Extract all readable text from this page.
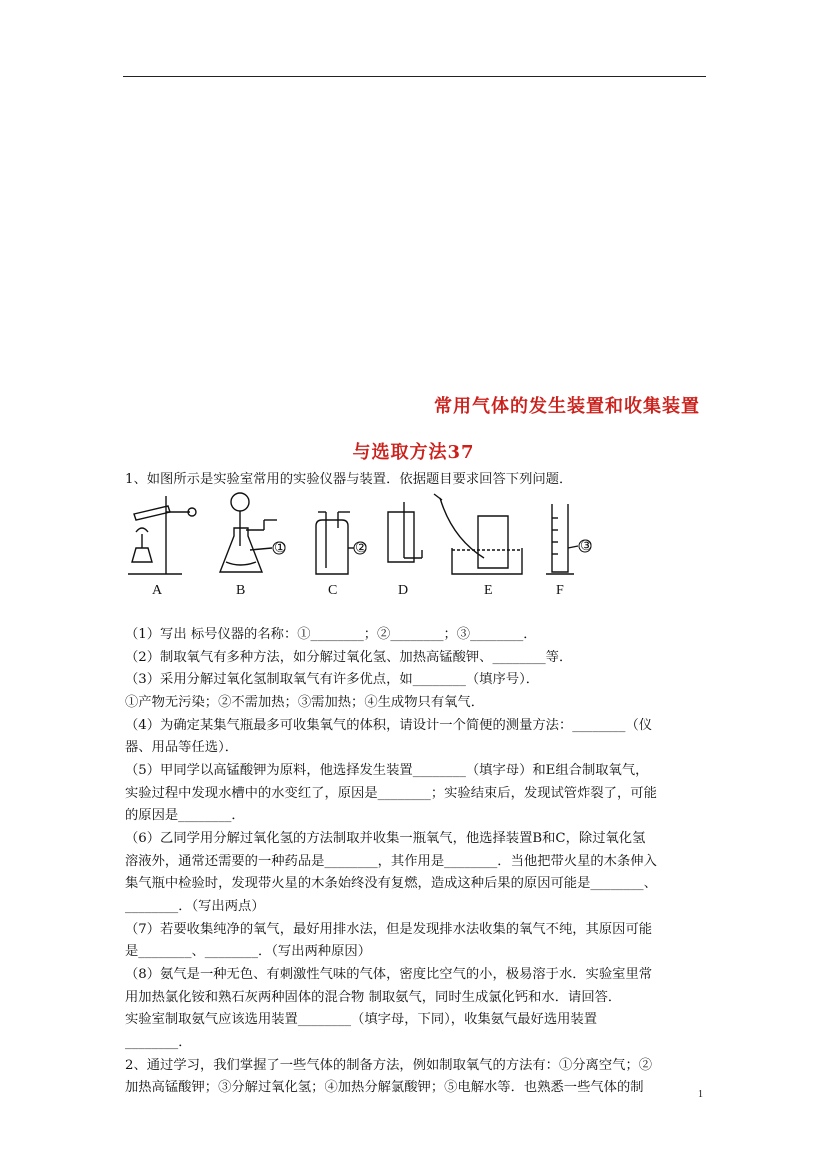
常用气体的发生装置和收集装置
与选取方法37
1、如图所示是实验室常用的实验仪器与装置．依据题目要求回答下列问题．
①	②	③
A	B	C	D	E	F
（1）写出 标号仪器的名称：①________；②________；③________．
（2）制取氧气有多种方法，如分解过氧化氢、加热高锰酸钾、________等．
（3）采用分解过氧化氢制取氧气有许多优点，如________（填序号）．
①产物无污染；②不需加热；③需加热；④生成物只有氧气．
（4）为确定某集气瓶最多可收集氧气的体积，请设计一个简便的测量方法：________（仪
器、用品等任选）．
（5）甲同学以高锰酸钾为原料，他选择发生装置________（填字母）和E组合制取氧气，
实验过程中发现水槽中的水变红了，原因是________；实验结束后，发现试管炸裂了，可能
的原因是________．
（6）乙同学用分解过氧化氢的方法制取并收集一瓶氧气，他选择装置B和C，除过氧化氢
溶液外，通常还需要的一种药品是________，其作用是________．当他把带火星的木条伸入
集气瓶中检验时，发现带火星的木条始终没有复燃，造成这种后果的原因可能是________、
________．（写出两点）
（7）若要收集纯净的氧气，最好用排水法，但是发现排水法收集的氧气不纯，其原因可能
是________、________．（写出两种原因）
（8）氨气是一种无色、有刺激性气味的气体，密度比空气的小，极易溶于水．实验室里常
用加热氯化铵和熟石灰两种固体的混合物 制取氨气，同时生成氯化钙和水．请回答．
实验室制取氨气应该选用装置________（填字母，下同），收集氨气最好选用装置
________．
2、通过学习，我们掌握了一些气体的制备方法，例如制取氧气的方法有：①分离空气；②
加热高锰酸钾；③分解过氧化氢；④加热分解氯酸钾；⑤电解水等．也熟悉一些气体的制	1
